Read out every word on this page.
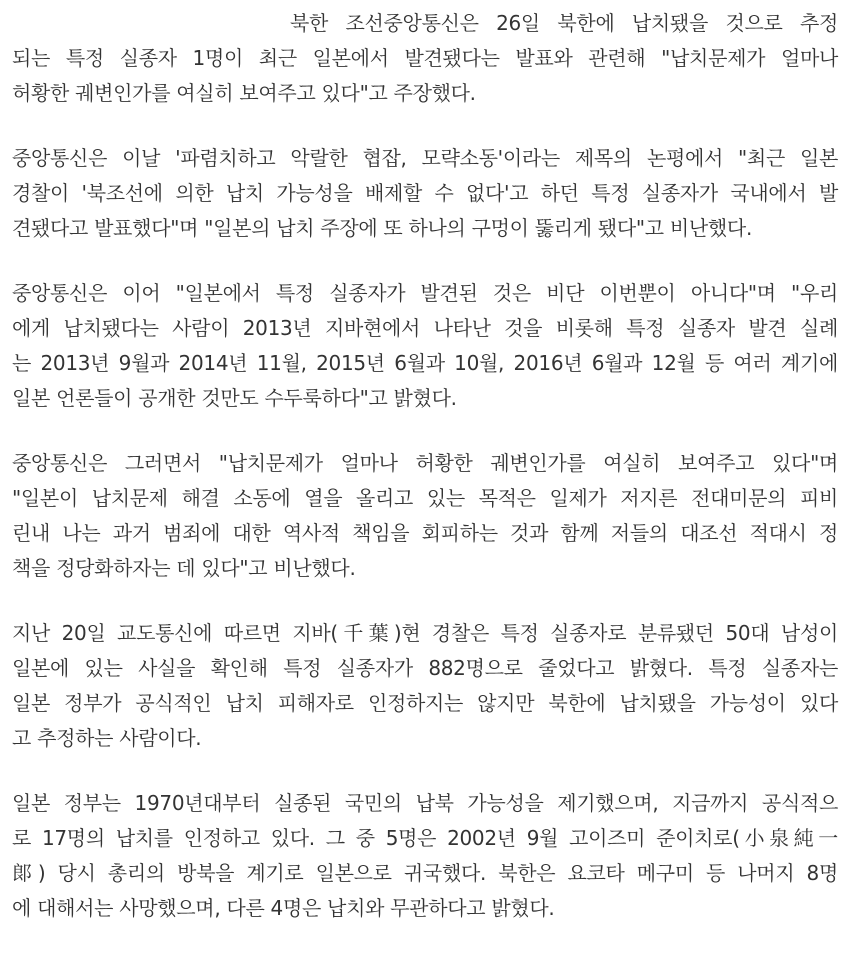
북한 조선중앙통신은 26일 북한에 납치됐을 것으로 추정
되는 특정 실종자 1명이 최근 일본에서 발견됐다는 발표와 관련해 "납치문제가 얼마나
허황한 궤변인가를 여실히 보여주고 있다"고 주장했다.

중앙통신은 이날 '파렴치하고 악랄한 협잡, 모략소동'이라는 제목의 논평에서 "최근 일본
경찰이 '북조선에 의한 납치 가능성을 배제할 수 없다'고 하던 특정 실종자가 국내에서 발
견됐다고 발표했다"며 "일본의 납치 주장에 또 하나의 구멍이 뚫리게 됐다"고 비난했다.

중앙통신은 이어 "일본에서 특정 실종자가 발견된 것은 비단 이번뿐이 아니다"며 "우리
에게 납치됐다는 사람이 2013년 지바현에서 나타난 것을 비롯해 특정 실종자 발견 실례
는 2013년 9월과 2014년 11월, 2015년 6월과 10월, 2016년 6월과 12월 등 여러 계기에
일본 언론들이 공개한 것만도 수두룩하다"고 밝혔다.

중앙통신은 그러면서 "납치문제가 얼마나 허황한 궤변인가를 여실히 보여주고 있다"며
"일본이 납치문제 해결 소동에 열을 올리고 있는 목적은 일제가 저지른 전대미문의 피비
린내 나는 과거 범죄에 대한 역사적 책임을 회피하는 것과 함께 저들의 대조선 적대시 정
책을 정당화하자는 데 있다"고 비난했다.

지난 20일 교도통신에 따르면 지바(千葉)현 경찰은 특정 실종자로 분류됐던 50대 남성이
일본에 있는 사실을 확인해 특정 실종자가 882명으로 줄었다고 밝혔다. 특정 실종자는
일본 정부가 공식적인 납치 피해자로 인정하지는 않지만 북한에 납치됐을 가능성이 있다
고 추정하는 사람이다.

일본 정부는 1970년대부터 실종된 국민의 납북 가능성을 제기했으며, 지금까지 공식적으
로 17명의 납치를 인정하고 있다. 그 중 5명은 2002년 9월 고이즈미 준이치로(小泉純一
郞) 당시 총리의 방북을 계기로 일본으로 귀국했다. 북한은 요코타 메구미 등 나머지 8명
에 대해서는 사망했으며, 다른 4명은 납치와 무관하다고 밝혔다.
